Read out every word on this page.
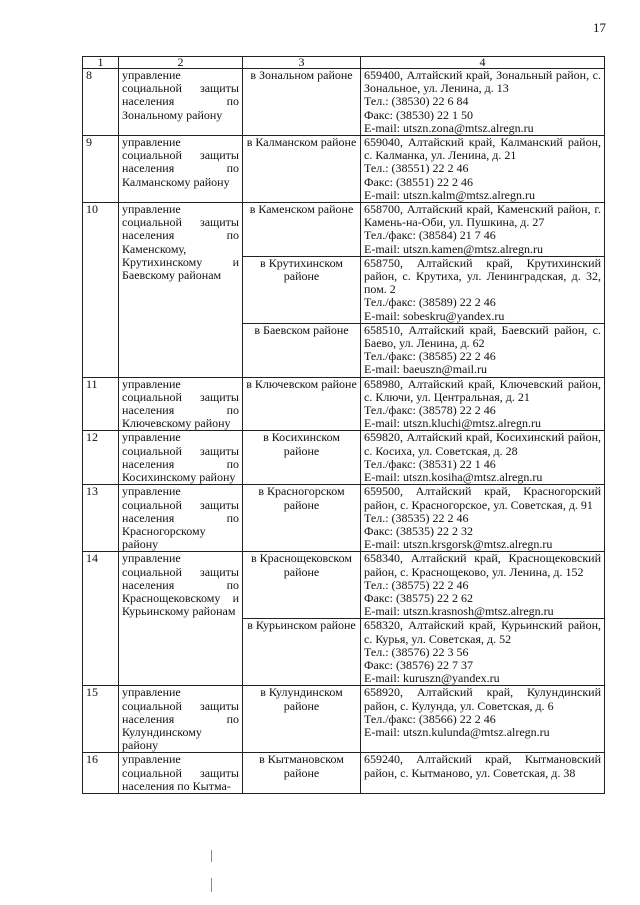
17
1	2	3	4
8	управление социальной защиты населения по Зональному району	в Зональном районе	659400, Алтайский край, Зональный район, с. Зональное, ул. Ленина, д. 13
Тел.: (38530) 22 6 84
Факс: (38530) 22 1 50
E-mail: utszn.zona@mtsz.alregn.ru

9	управление социальной защиты населения по Калманскому району	в Калманском районе	659040, Алтайский край, Калманский район, с. Калманка, ул. Ленина, д. 21
Тел.: (38551) 22 2 46
Факс: (38551) 22 2 46
E-mail: utszn.kalm@mtsz.alregn.ru

10	управление социальной защиты населения по Каменскому, Крутихинскому и Баевскому районам	в Каменском районе	658700, Алтайский край, Каменский район, г. Камень-на-Оби, ул. Пушкина, д. 27
Тел./факс: (38584) 21 7 46
E-mail: utszn.kamen@mtsz.alregn.ru

		в Крутихинском районе	658750, Алтайский край, Крутихинский район, с. Крутиха, ул. Ленинградская, д. 32, пом. 2
Тел./факс: (38589) 22 2 46
E-mail: sobeskru@yandex.ru

		в Баевском районе	658510, Алтайский край, Баевский район, с. Баево, ул. Ленина, д. 62
Тел./факс: (38585) 22 2 46
E-mail: baeuszn@mail.ru

11	управление социальной защиты населения по Ключевскому району	в Ключевском районе	658980, Алтайский край, Ключевский район, с. Ключи, ул. Центральная, д. 21
Тел./факс: (38578) 22 2 46
E-mail: utszn.kluchi@mtsz.alregn.ru

12	управление социальной защиты населения по Косихинскому району	в Косихинском районе	659820, Алтайский край, Косихинский район, с. Косиха, ул. Советская, д. 28
Тел./факс: (38531) 22 1 46
E-mail: utszn.kosiha@mtsz.alregn.ru

13	управление социальной защиты населения по Красногорскому району	в Красногорском районе	659500, Алтайский край, Красногорский район, с. Красногорское, ул. Советская, д. 91
Тел.: (38535) 22 2 46
Факс: (38535) 22 2 32
E-mail: utszn.krsgorsk@mtsz.alregn.ru

14	управление социальной защиты населения по Краснощековскому и Курьинскому районам	в Краснощековском районе	658340, Алтайский край, Краснощековский район, с. Краснощеково, ул. Ленина, д. 152
Тел.: (38575) 22 2 46
Факс: (38575) 22 2 62
E-mail: utszn.krasnosh@mtsz.alregn.ru

		в Курьинском районе	658320, Алтайский край, Курьинский район, с. Курья, ул. Советская, д. 52
Тел.: (38576) 22 3 56
Факс: (38576) 22 7 37
E-mail: kuruszn@yandex.ru

15	управление социальной защиты населения по Кулундинскому району	в Кулундинском районе	658920, Алтайский край, Кулундинский район, с. Кулунда, ул. Советская, д. 6
Тел./факс: (38566) 22 2 46
E-mail: utszn.kulunda@mtsz.alregn.ru

16	управление социальной защиты населения по Кытма-	в Кытмановском районе	659240, Алтайский край, Кытмановский район, с. Кытманово, ул. Советская, д. 38
